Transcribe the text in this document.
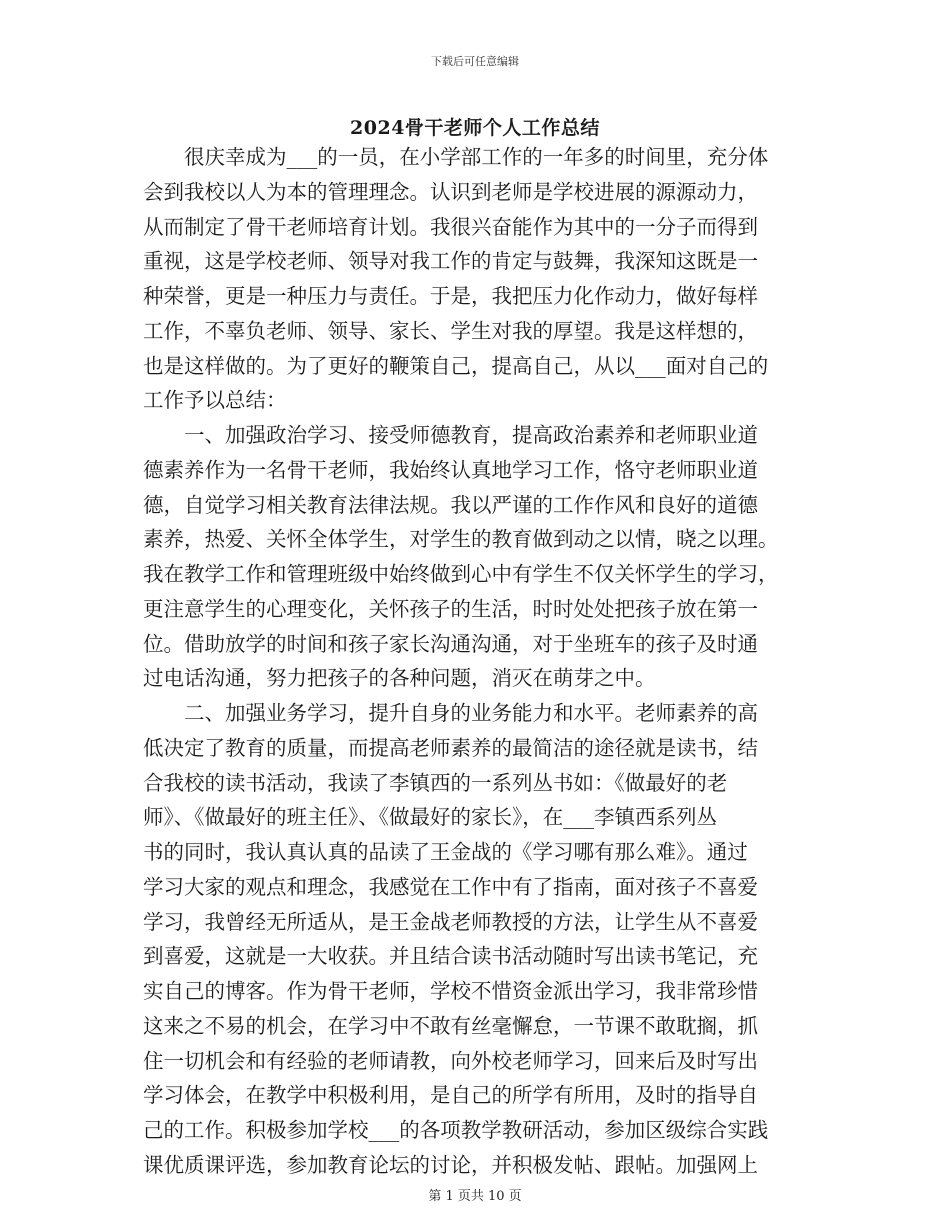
下载后可任意编辑
2024骨干老师个人工作总结
　　很庆幸成为___的一员，在小学部工作的一年多的时间里，充分体
会到我校以人为本的管理理念。认识到老师是学校进展的源源动力，
从而制定了骨干老师培育计划。我很兴奋能作为其中的一分子而得到
重视，这是学校老师、领导对我工作的肯定与鼓舞，我深知这既是一
种荣誉，更是一种压力与责任。于是，我把压力化作动力，做好每样
工作，不辜负老师、领导、家长、学生对我的厚望。我是这样想的，
也是这样做的。为了更好的鞭策自己，提高自己，从以___面对自己的
工作予以总结：
　　一、加强政治学习、接受师德教育，提高政治素养和老师职业道
德素养作为一名骨干老师，我始终认真地学习工作，恪守老师职业道
德，自觉学习相关教育法律法规。我以严谨的工作作风和良好的道德
素养，热爱、关怀全体学生，对学生的教育做到动之以情，晓之以理。
我在教学工作和管理班级中始终做到心中有学生不仅关怀学生的学习，
更注意学生的心理变化，关怀孩子的生活，时时处处把孩子放在第一
位。借助放学的时间和孩子家长沟通沟通，对于坐班车的孩子及时通
过电话沟通，努力把孩子的各种问题，消灭在萌芽之中。
　　二、加强业务学习，提升自身的业务能力和水平。老师素养的高
低决定了教育的质量，而提高老师素养的最简洁的途径就是读书，结
合我校的读书活动，我读了李镇西的一系列丛书如：《做最好的老
师》、《做最好的班主任》、《做最好的家长》，在___李镇西系列丛
书的同时，我认真认真的品读了王金战的《学习哪有那么难》。通过
学习大家的观点和理念，我感觉在工作中有了指南，面对孩子不喜爱
学习，我曾经无所适从，是王金战老师教授的方法，让学生从不喜爱
到喜爱，这就是一大收获。并且结合读书活动随时写出读书笔记，充
实自己的博客。作为骨干老师，学校不惜资金派出学习，我非常珍惜
这来之不易的机会，在学习中不敢有丝毫懈怠，一节课不敢耽搁，抓
住一切机会和有经验的老师请教，向外校老师学习，回来后及时写出
学习体会，在教学中积极利用，是自己的所学有所用，及时的指导自
己的工作。积极参加学校___的各项教学教研活动，参加区级综合实践
课优质课评选，参加教育论坛的讨论，并积极发帖、跟帖。加强网上
第 1 页共 10 页
